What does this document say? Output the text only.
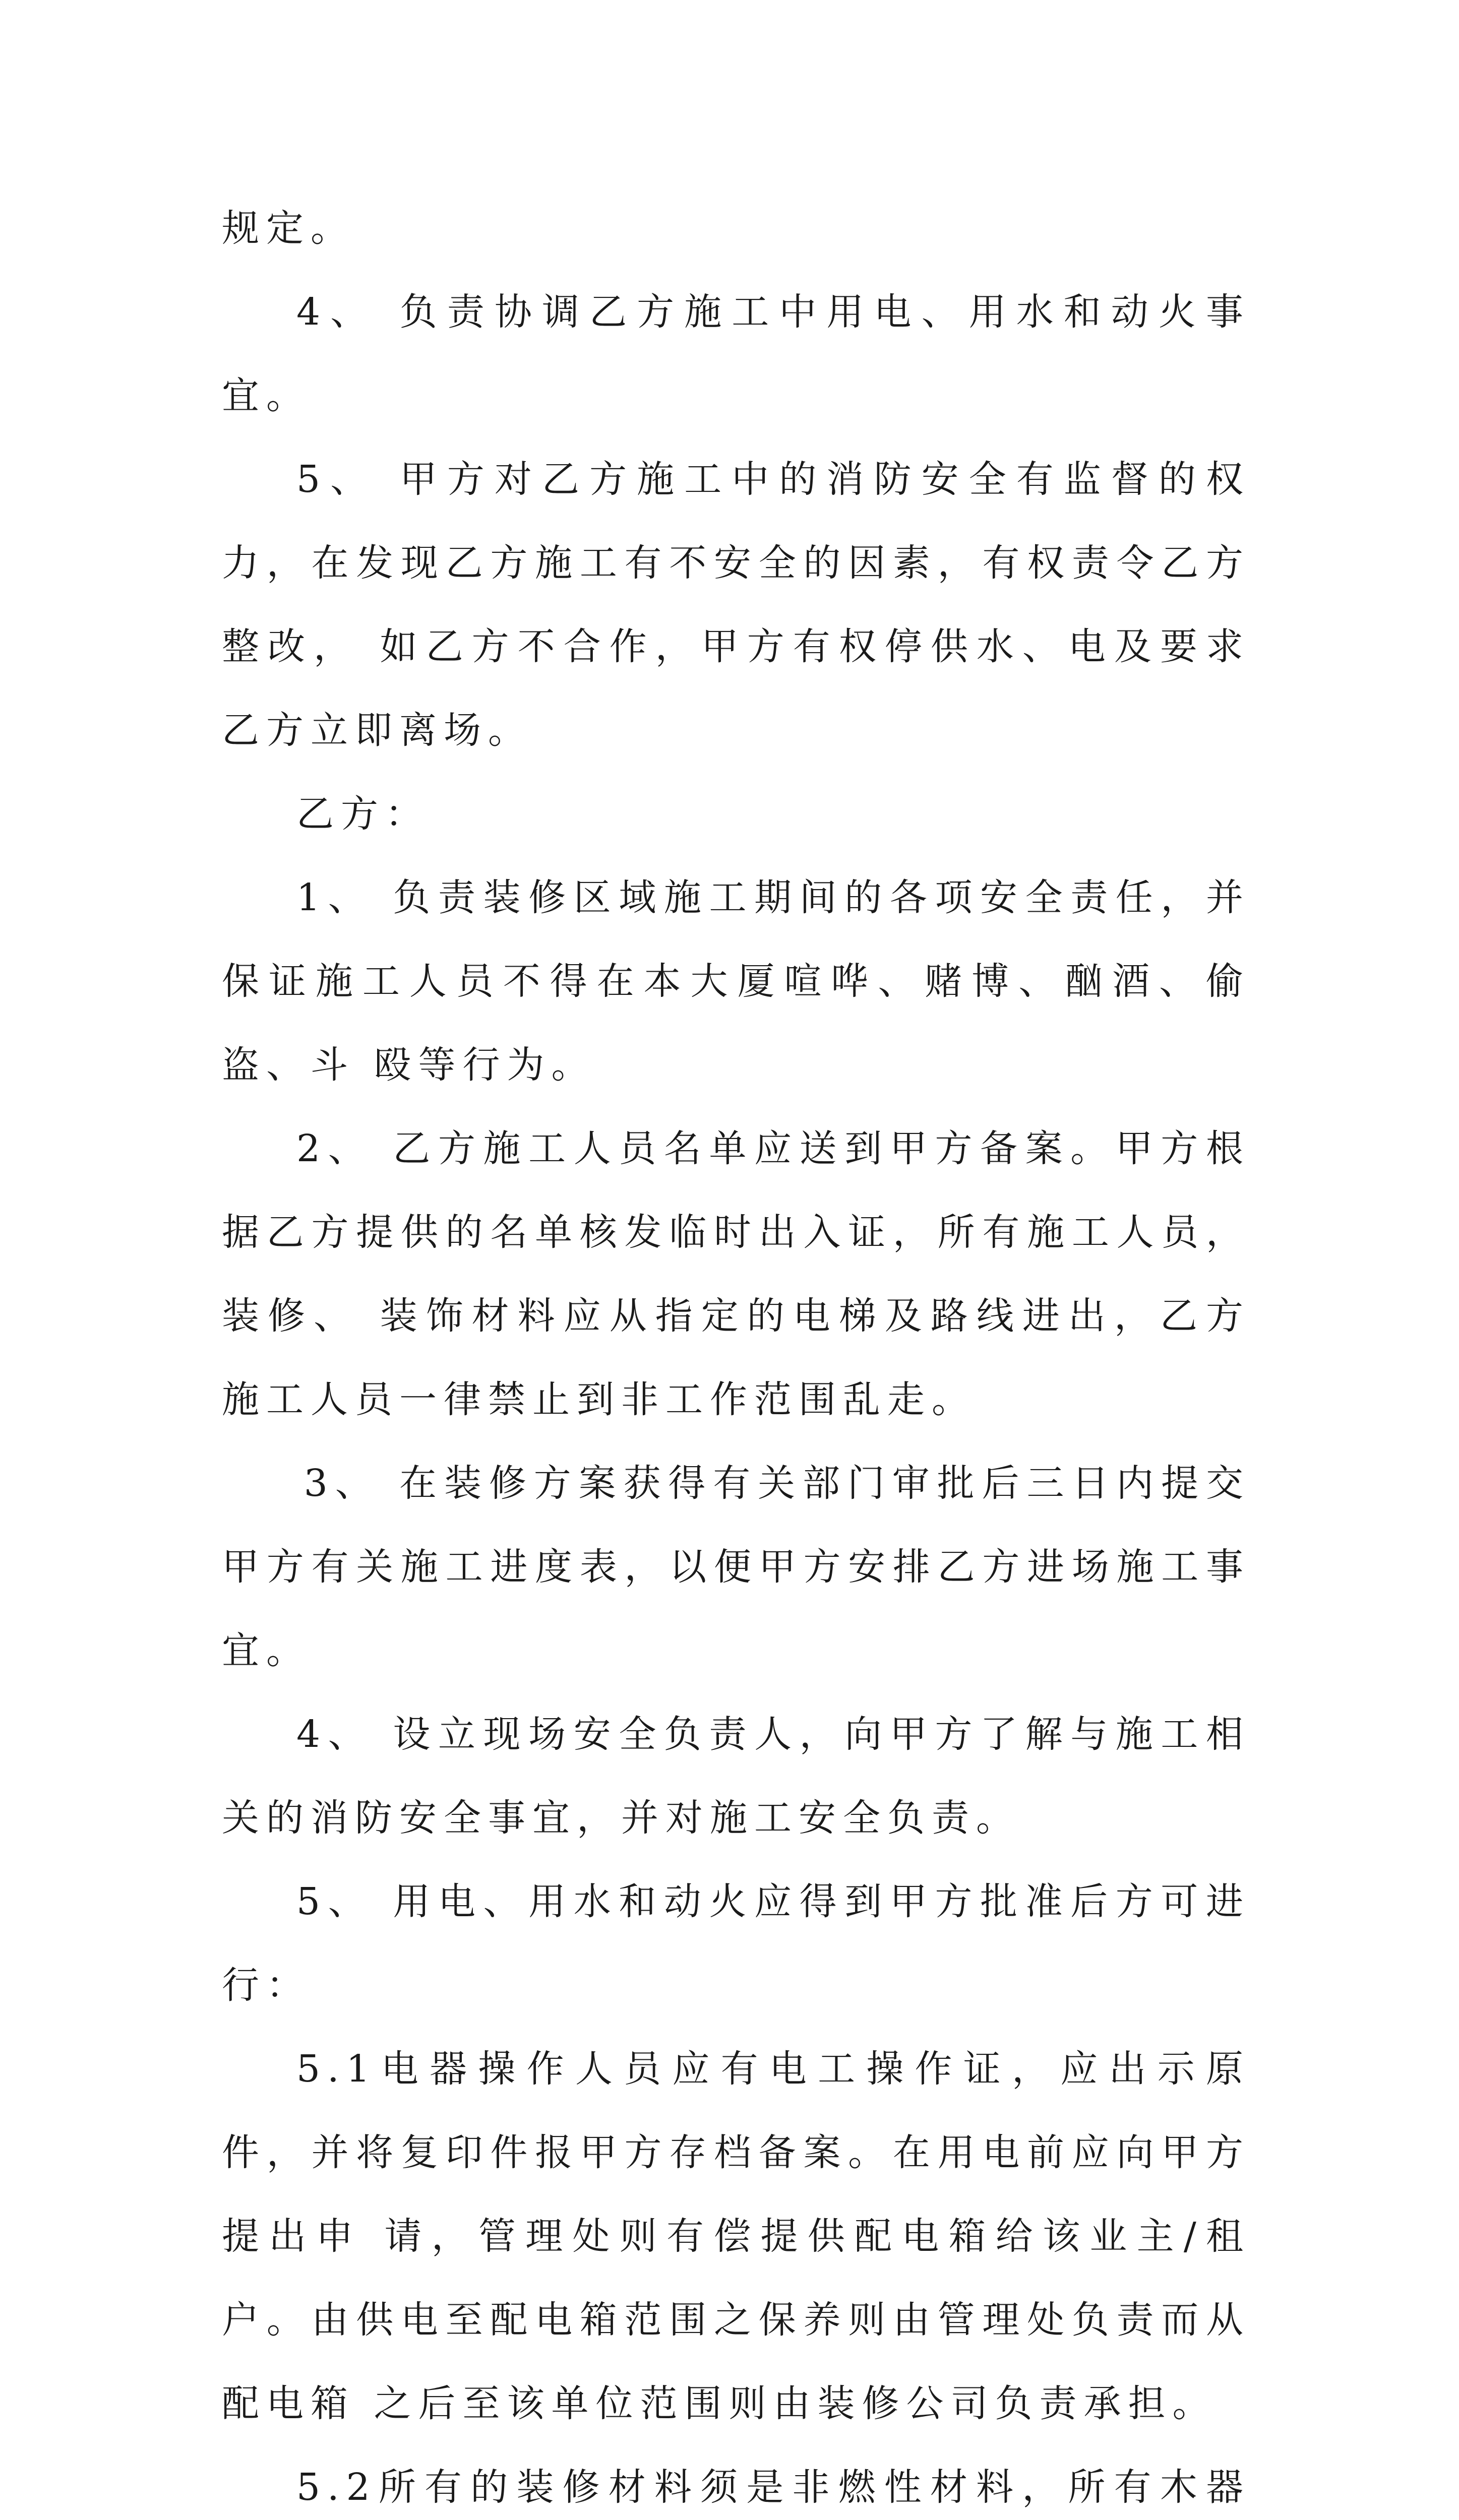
规定。

4、 负责协调乙方施工中用电、用水和动火事宜。

5、 甲方对乙方施工中的消防安全有监督的权力，在发现乙方施工有不安全的因素，有权责令乙方整改， 如乙方不合作，甲方有权停供水、电及要求乙方立即离场。

乙方：

1、 负责装修区域施工期间的各项安全责任，并保证施工人员不得在本大厦喧哗、赌博、酗酒、偷盗、斗 殴等行为。

2、 乙方施工人员名单应送到甲方备案。甲方根据乙方提供的名单核发临时出入证，所有施工人员，装修、 装饰材料应从指定的电梯及路线进出，乙方施工人员一律禁止到非工作范围乱走。

3、 在装修方案获得有关部门审批后三日内提交甲方有关施工进度表，以便甲方安排乙方进场施工事宜。

4、 设立现场安全负责人，向甲方了解与施工相关的消防安全事宜，并对施工安全负责。

5、 用电、用水和动火应得到甲方批准后方可进行：

5.1电器操作人员应有电工操作证，应出示原件，并将复印件报甲方存档备案。在用电前应向甲方提出申 请，管理处则有偿提供配电箱给该业主/租户。由供电至配电箱范围之保养则由管理处负责而从配电箱 之后至该单位范围则由装修公司负责承担。

5.2所有的装修材料须是非燃性材料，所有木器
